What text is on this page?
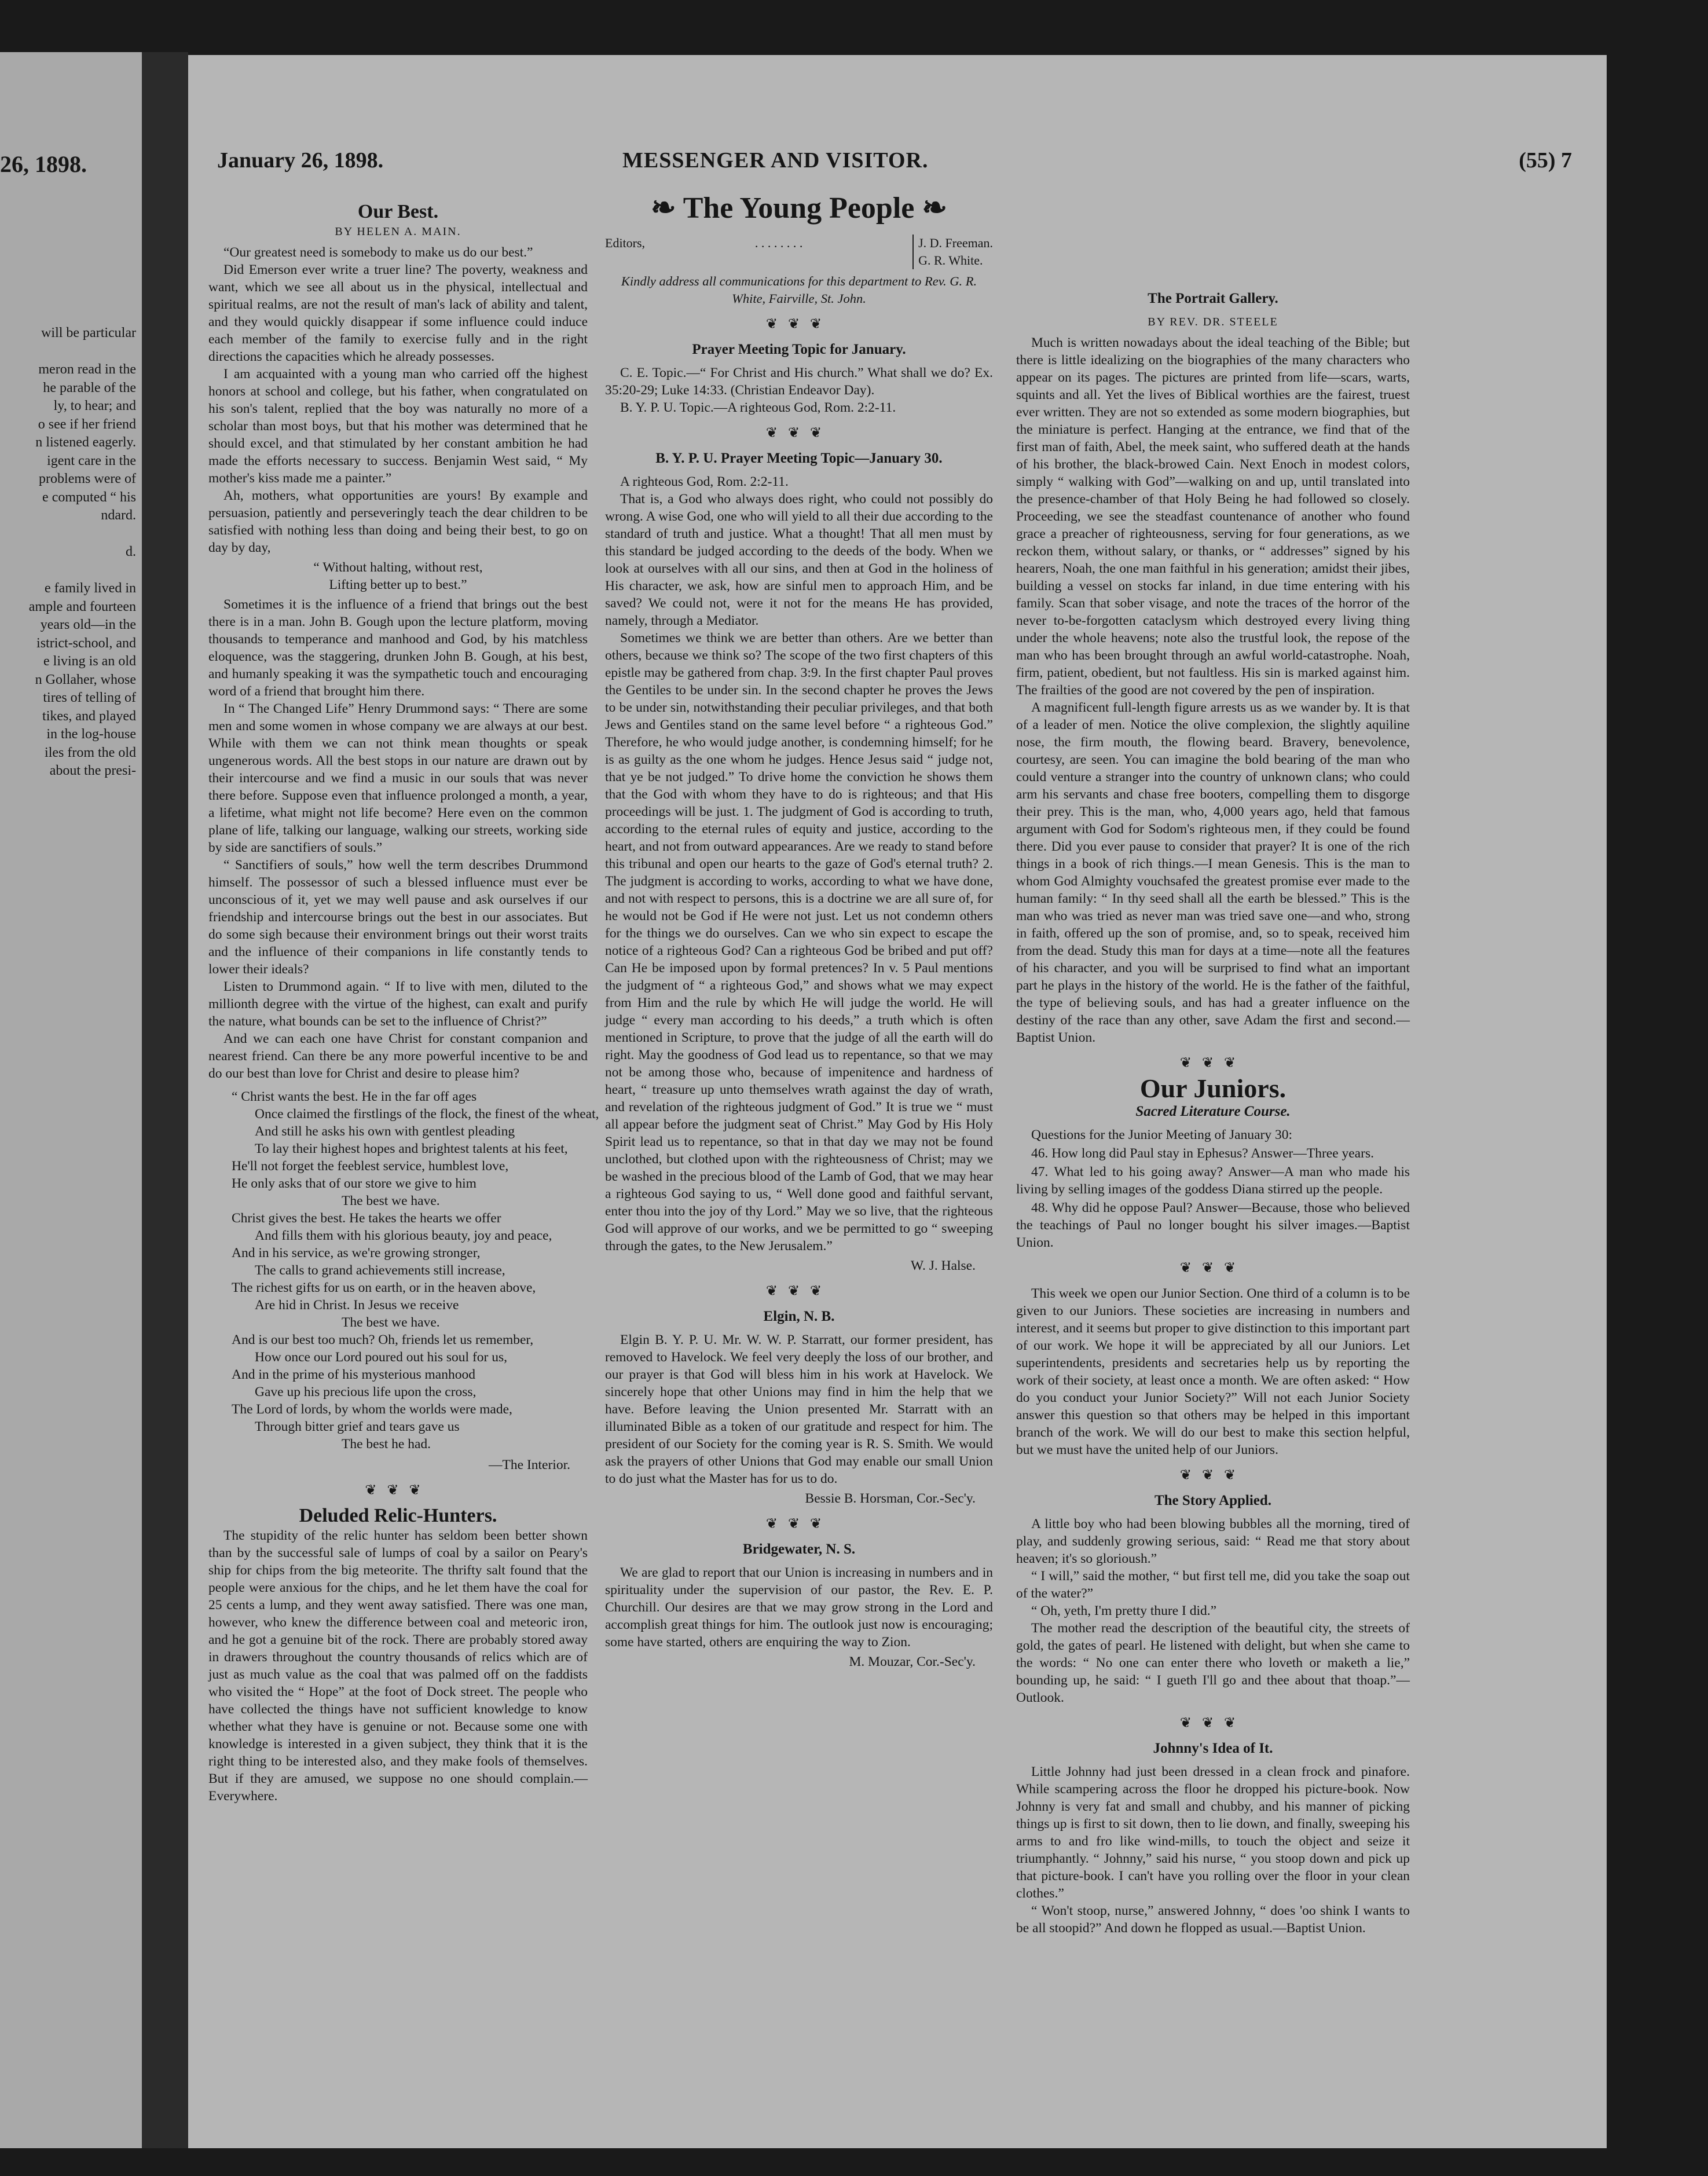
26, 1898.
will be particular

meron read in the
he parable of the
ly, to hear; and
o see if her friend
n listened eagerly.
igent care in the
problems were of
e computed “ his
ndard.

d.

e family lived in
ample and fourteen
years old—in the
istrict-school, and
e living is an old
n Gollaher, whose
tires of telling of
tikes, and played
in the log-house
iles from the old
about the presi-
January 26, 1898.	MESSENGER AND VISITOR.	(55) 7
Our Best.
BY HELEN A. MAIN.

“Our greatest need is somebody to make us do our best.”

Did Emerson ever write a truer line? The poverty, weakness and want, which we see all about us in the physical, intellectual and spiritual realms, are not the result of man's lack of ability and talent, and they would quickly disappear if some influence could induce each member of the family to exercise fully and in the right directions the capacities which he already possesses.

I am acquainted with a young man who carried off the highest honors at school and college, but his father, when congratulated on his son's talent, replied that the boy was naturally no more of a scholar than most boys, but that his mother was determined that he should excel, and that stimulated by her constant ambition he had made the efforts necessary to success. Benjamin West said, “ My mother's kiss made me a painter.”

Ah, mothers, what opportunities are yours! By example and persuasion, patiently and perseveringly teach the dear children to be satisfied with nothing less than doing and being their best, to go on day by day,

“ Without halting, without rest,
Lifting better up to best.”

Sometimes it is the influence of a friend that brings out the best there is in a man. John B. Gough upon the lecture platform, moving thousands to temperance and manhood and God, by his matchless eloquence, was the staggering, drunken John B. Gough, at his best, and humanly speaking it was the sympathetic touch and encouraging word of a friend that brought him there.

In “ The Changed Life” Henry Drummond says: “ There are some men and some women in whose company we are always at our best. While with them we can not think mean thoughts or speak ungenerous words. All the best stops in our nature are drawn out by their intercourse and we find a music in our souls that was never there before. Suppose even that influence prolonged a month, a year, a lifetime, what might not life become? Here even on the common plane of life, talking our language, walking our streets, working side by side are sanctifiers of souls.”

“ Sanctifiers of souls,” how well the term describes Drummond himself. The possessor of such a blessed influence must ever be unconscious of it, yet we may well pause and ask ourselves if our friendship and intercourse brings out the best in our associates. But do some sigh because their environment brings out their worst traits and the influence of their companions in life constantly tends to lower their ideals?

Listen to Drummond again. “ If to live with men, diluted to the millionth degree with the virtue of the highest, can exalt and purify the nature, what bounds can be set to the influence of Christ?”

And we can each one have Christ for constant companion and nearest friend. Can there be any more powerful incentive to be and do our best than love for Christ and desire to please him?

“ Christ wants the best. He in the far off ages
Once claimed the firstlings of the flock, the finest of the wheat,
And still he asks his own with gentlest pleading
To lay their highest hopes and brightest talents at his feet,
He'll not forget the feeblest service, humblest love,
He only asks that of our store we give to him
The best we have.
Christ gives the best. He takes the hearts we offer
And fills them with his glorious beauty, joy and peace,
And in his service, as we're growing stronger,
The calls to grand achievements still increase,
The richest gifts for us on earth, or in the heaven above,
Are hid in Christ. In Jesus we receive
The best we have.
And is our best too much? Oh, friends let us remember,
How once our Lord poured out his soul for us,
And in the prime of his mysterious manhood
Gave up his precious life upon the cross,
The Lord of lords, by whom the worlds were made,
Through bitter grief and tears gave us
The best he had.
—The Interior.
❦❦❦
Deluded Relic-Hunters.

The stupidity of the relic hunter has seldom been better shown than by the successful sale of lumps of coal by a sailor on Peary's ship for chips from the big meteorite. The thrifty salt found that the people were anxious for the chips, and he let them have the coal for 25 cents a lump, and they went away satisfied. There was one man, however, who knew the difference between coal and meteoric iron, and he got a genuine bit of the rock. There are probably stored away in drawers throughout the country thousands of relics which are of just as much value as the coal that was palmed off on the faddists who visited the “ Hope” at the foot of Dock street. The people who have collected the things have not sufficient knowledge to know whether what they have is genuine or not. Because some one with knowledge is interested in a given subject, they think that it is the right thing to be interested also, and they make fools of themselves. But if they are amused, we suppose no one should complain.—Everywhere.

❧ The Young People ❧
Editors,	. . . . . . . .	J. D. Freeman.
G. R. White.
Kindly address all communications for this department to Rev. G. R. White, Fairville, St. John.
❦❦❦
Prayer Meeting Topic for January.

C. E. Topic.—“ For Christ and His church.” What shall we do? Ex. 35:20-29; Luke 14:33. (Christian Endeavor Day).

B. Y. P. U. Topic.—A righteous God, Rom. 2:2-11.

❦❦❦
B. Y. P. U. Prayer Meeting Topic—January 30.

A righteous God, Rom. 2:2-11.

That is, a God who always does right, who could not possibly do wrong. A wise God, one who will yield to all their due according to the standard of truth and justice. What a thought! That all men must by this standard be judged according to the deeds of the body. When we look at ourselves with all our sins, and then at God in the holiness of His character, we ask, how are sinful men to approach Him, and be saved? We could not, were it not for the means He has provided, namely, through a Mediator.

Sometimes we think we are better than others. Are we better than others, because we think so? The scope of the two first chapters of this epistle may be gathered from chap. 3:9. In the first chapter Paul proves the Gentiles to be under sin. In the second chapter he proves the Jews to be under sin, notwithstanding their peculiar privileges, and that both Jews and Gentiles stand on the same level before “ a righteous God.” Therefore, he who would judge another, is condemning himself; for he is as guilty as the one whom he judges. Hence Jesus said “ judge not, that ye be not judged.” To drive home the conviction he shows them that the God with whom they have to do is righteous; and that His proceedings will be just. 1. The judgment of God is according to truth, according to the eternal rules of equity and justice, according to the heart, and not from outward appearances. Are we ready to stand before this tribunal and open our hearts to the gaze of God's eternal truth? 2. The judgment is according to works, according to what we have done, and not with respect to persons, this is a doctrine we are all sure of, for he would not be God if He were not just. Let us not condemn others for the things we do ourselves. Can we who sin expect to escape the notice of a righteous God? Can a righteous God be bribed and put off? Can He be imposed upon by formal pretences? In v. 5 Paul mentions the judgment of “ a righteous God,” and shows what we may expect from Him and the rule by which He will judge the world. He will judge “ every man according to his deeds,” a truth which is often mentioned in Scripture, to prove that the judge of all the earth will do right. May the goodness of God lead us to repentance, so that we may not be among those who, because of impenitence and hardness of heart, “ treasure up unto themselves wrath against the day of wrath, and revelation of the righteous judgment of God.” It is true we “ must all appear before the judgment seat of Christ.” May God by His Holy Spirit lead us to repentance, so that in that day we may not be found unclothed, but clothed upon with the righteousness of Christ; may we be washed in the precious blood of the Lamb of God, that we may hear a righteous God saying to us, “ Well done good and faithful servant, enter thou into the joy of thy Lord.” May we so live, that the righteous God will approve of our works, and we be permitted to go “ sweeping through the gates, to the New Jerusalem.”

W. J. Halse.
❦❦❦
Elgin, N. B.

Elgin B. Y. P. U. Mr. W. W. P. Starratt, our former president, has removed to Havelock. We feel very deeply the loss of our brother, and our prayer is that God will bless him in his work at Havelock. We sincerely hope that other Unions may find in him the help that we have. Before leaving the Union presented Mr. Starratt with an illuminated Bible as a token of our gratitude and respect for him. The president of our Society for the coming year is R. S. Smith. We would ask the prayers of other Unions that God may enable our small Union to do just what the Master has for us to do.

Bessie B. Horsman, Cor.-Sec'y.
❦❦❦
Bridgewater, N. S.

We are glad to report that our Union is increasing in numbers and in spirituality under the supervision of our pastor, the Rev. E. P. Churchill. Our desires are that we may grow strong in the Lord and accomplish great things for him. The outlook just now is encouraging; some have started, others are enquiring the way to Zion.

M. Mouzar, Cor.-Sec'y.
The Portrait Gallery.
BY REV. DR. STEELE

Much is written nowadays about the ideal teaching of the Bible; but there is little idealizing on the biographies of the many characters who appear on its pages. The pictures are printed from life—scars, warts, squints and all. Yet the lives of Biblical worthies are the fairest, truest ever written. They are not so extended as some modern biographies, but the miniature is perfect. Hanging at the entrance, we find that of the first man of faith, Abel, the meek saint, who suffered death at the hands of his brother, the black-browed Cain. Next Enoch in modest colors, simply “ walking with God”—walking on and up, until translated into the presence-chamber of that Holy Being he had followed so closely. Proceeding, we see the steadfast countenance of another who found grace a preacher of righteousness, serving for four generations, as we reckon them, without salary, or thanks, or “ addresses” signed by his hearers, Noah, the one man faithful in his generation; amidst their jibes, building a vessel on stocks far inland, in due time entering with his family. Scan that sober visage, and note the traces of the horror of the never to-be-forgotten cataclysm which destroyed every living thing under the whole heavens; note also the trustful look, the repose of the man who has been brought through an awful world-catastrophe. Noah, firm, patient, obedient, but not faultless. His sin is marked against him. The frailties of the good are not covered by the pen of inspiration.

A magnificent full-length figure arrests us as we wander by. It is that of a leader of men. Notice the olive complexion, the slightly aquiline nose, the firm mouth, the flowing beard. Bravery, benevolence, courtesy, are seen. You can imagine the bold bearing of the man who could venture a stranger into the country of unknown clans; who could arm his servants and chase free booters, compelling them to disgorge their prey. This is the man, who, 4,000 years ago, held that famous argument with God for Sodom's righteous men, if they could be found there. Did you ever pause to consider that prayer? It is one of the rich things in a book of rich things.—I mean Genesis. This is the man to whom God Almighty vouchsafed the greatest promise ever made to the human family: “ In thy seed shall all the earth be blessed.” This is the man who was tried as never man was tried save one—and who, strong in faith, offered up the son of promise, and, so to speak, received him from the dead. Study this man for days at a time—note all the features of his character, and you will be surprised to find what an important part he plays in the history of the world. He is the father of the faithful, the type of believing souls, and has had a greater influence on the destiny of the race than any other, save Adam the first and second.—Baptist Union.

❦❦❦
Our Juniors.
Sacred Literature Course.

Questions for the Junior Meeting of January 30:

46. How long did Paul stay in Ephesus? Answer—Three years.

47. What led to his going away? Answer—A man who made his living by selling images of the goddess Diana stirred up the people.

48. Why did he oppose Paul? Answer—Because, those who believed the teachings of Paul no longer bought his silver images.—Baptist Union.

❦❦❦

This week we open our Junior Section. One third of a column is to be given to our Juniors. These societies are increasing in numbers and interest, and it seems but proper to give distinction to this important part of our work. We hope it will be appreciated by all our Juniors. Let superintendents, presidents and secretaries help us by reporting the work of their society, at least once a month. We are often asked: “ How do you conduct your Junior Society?” Will not each Junior Society answer this question so that others may be helped in this important branch of the work. We will do our best to make this section helpful, but we must have the united help of our Juniors.

❦❦❦
The Story Applied.

A little boy who had been blowing bubbles all the morning, tired of play, and suddenly growing serious, said: “ Read me that story about heaven; it's so glorioush.”

“ I will,” said the mother, “ but first tell me, did you take the soap out of the water?”

“ Oh, yeth, I'm pretty thure I did.”

The mother read the description of the beautiful city, the streets of gold, the gates of pearl. He listened with delight, but when she came to the words: “ No one can enter there who loveth or maketh a lie,” bounding up, he said: “ I gueth I'll go and thee about that thoap.”—Outlook.

❦❦❦
Johnny's Idea of It.

Little Johnny had just been dressed in a clean frock and pinafore. While scampering across the floor he dropped his picture-book. Now Johnny is very fat and small and chubby, and his manner of picking things up is first to sit down, then to lie down, and finally, sweeping his arms to and fro like wind-mills, to touch the object and seize it triumphantly. “ Johnny,” said his nurse, “ you stoop down and pick up that picture-book. I can't have you rolling over the floor in your clean clothes.”

“ Won't stoop, nurse,” answered Johnny, “ does 'oo shink I wants to be all stoopid?” And down he flopped as usual.—Baptist Union.
